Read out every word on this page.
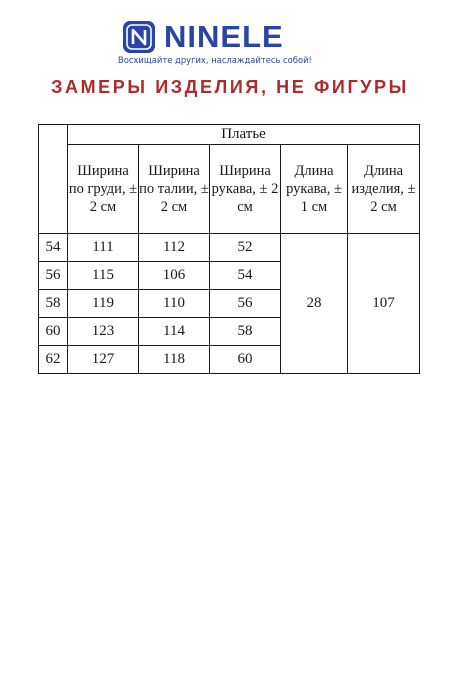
NINELE
Восхищайте других, наслаждайтесь собой!
ЗАМЕРЫ ИЗДЕЛИЯ, НЕ ФИГУРЫ
	Платье				
	Ширина по груди, ± 2 см	Ширина по талии, ± 2 см	Ширина рукава, ± 2 см	Длина рукава, ± 1 см	Длина изделия, ± 2 см
54	111	112	52	28	107
56	115	106	54		
58	119	110	56		
60	123	114	58		
62	127	118	60		
